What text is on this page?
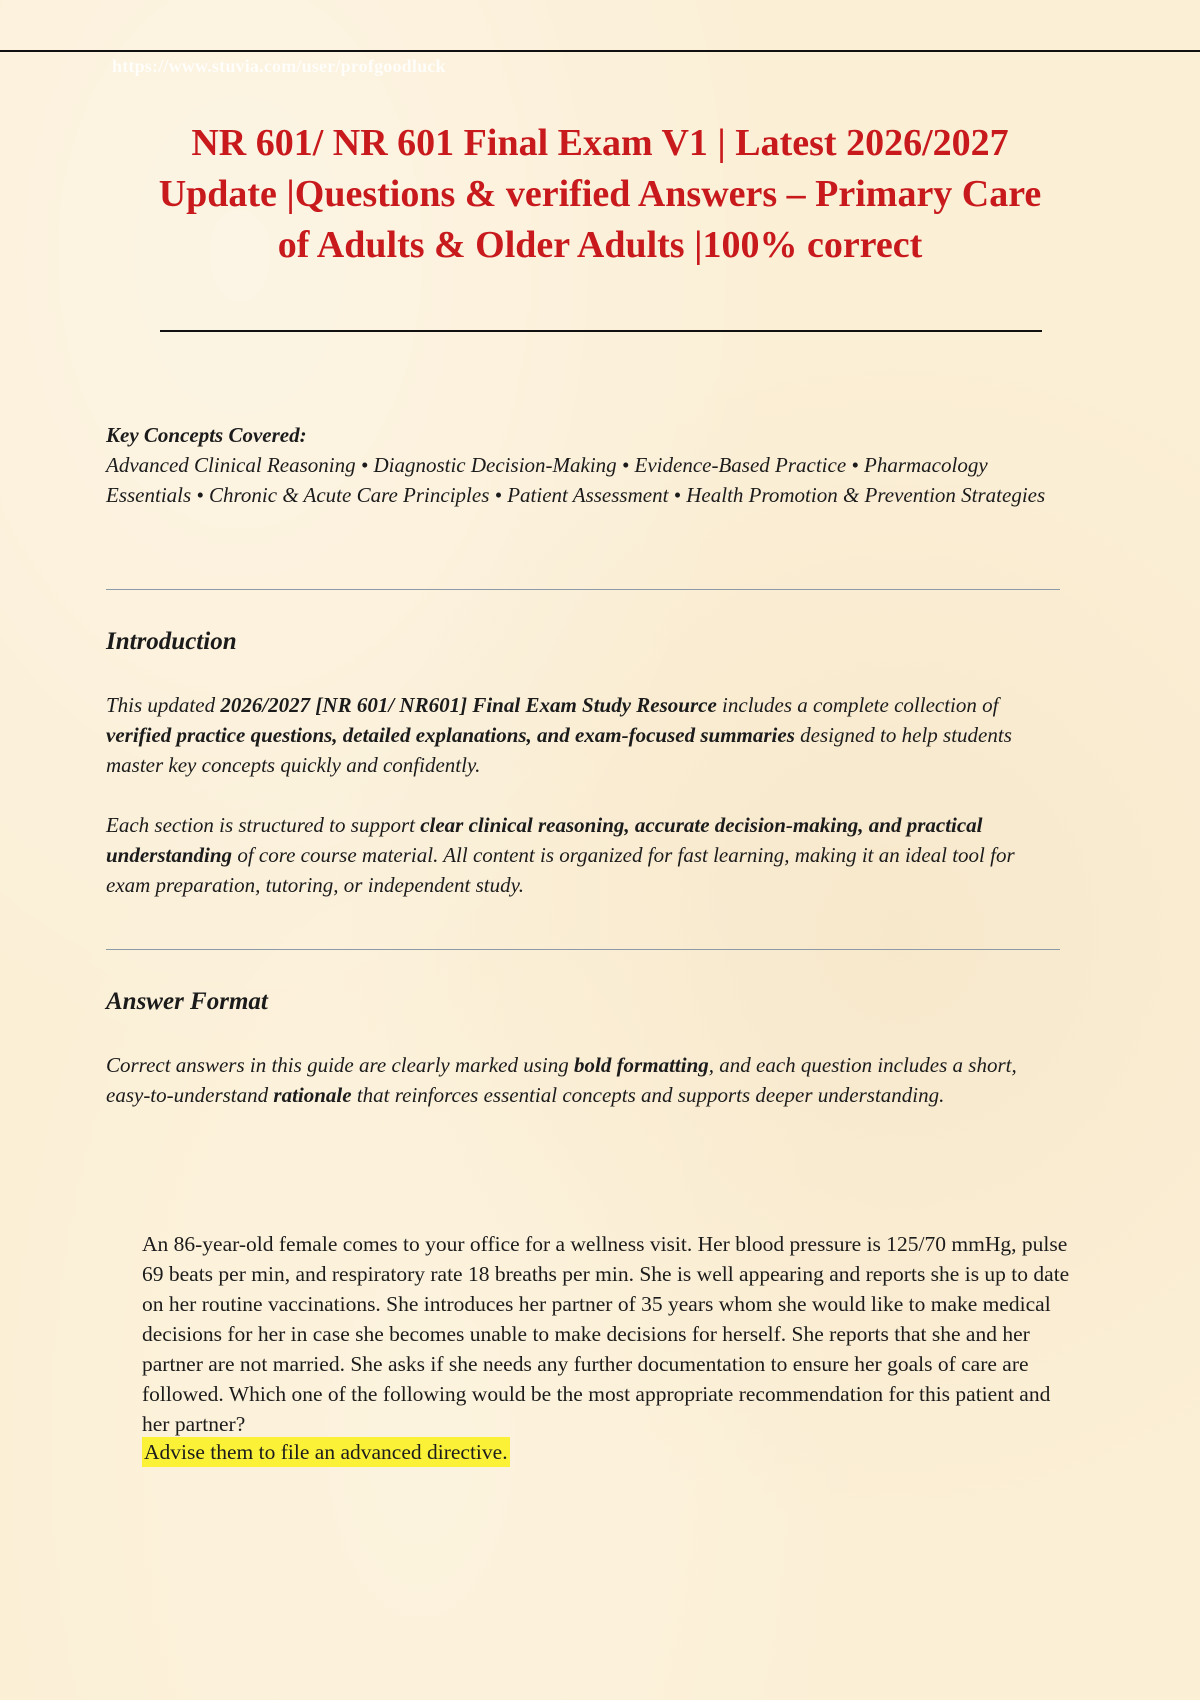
https://www.stuvia.com/user/profgoodluck
NR 601/ NR 601 Final Exam V1 | Latest 2026/2027 Update |Questions & verified Answers – Primary Care of Adults & Older Adults |100% correct
Key Concepts Covered:
Advanced Clinical Reasoning • Diagnostic Decision-Making • Evidence-Based Practice • Pharmacology Essentials • Chronic & Acute Care Principles • Patient Assessment • Health Promotion & Prevention Strategies
Introduction

This updated 2026/2027 [NR 601/ NR601] Final Exam Study Resource includes a complete collection of verified practice questions, detailed explanations, and exam-focused summaries designed to help students master key concepts quickly and confidently.

Each section is structured to support clear clinical reasoning, accurate decision-making, and practical understanding of core course material. All content is organized for fast learning, making it an ideal tool for exam preparation, tutoring, or independent study.

Answer Format

Correct answers in this guide are clearly marked using bold formatting, and each question includes a short, easy-to-understand rationale that reinforces essential concepts and supports deeper understanding.

An 86-year-old female comes to your office for a wellness visit. Her blood pressure is 125/70 mmHg, pulse 69 beats per min, and respiratory rate 18 breaths per min. She is well appearing and reports she is up to date on her routine vaccinations. She introduces her partner of 35 years whom she would like to make medical decisions for her in case she becomes unable to make decisions for herself. She reports that she and her partner are not married. She asks if she needs any further documentation to ensure her goals of care are followed. Which one of the following would be the most appropriate recommendation for this patient and her partner?

Advise them to file an advanced directive.
